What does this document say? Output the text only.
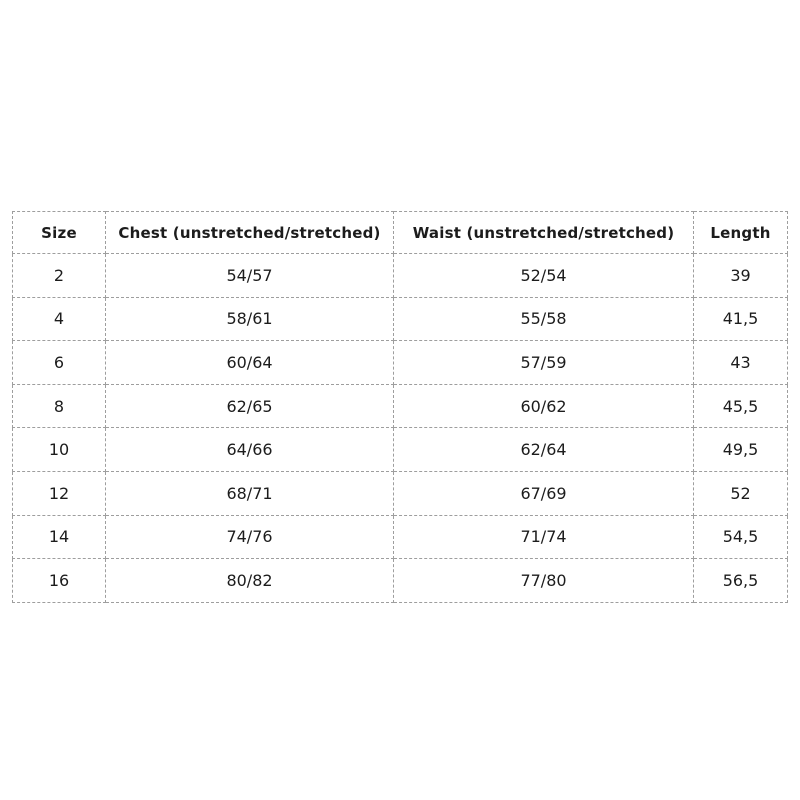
Size	Chest (unstretched/stretched)	Waist (unstretched/stretched)	Length
2	54/57	52/54	39
4	58/61	55/58	41,5
6	60/64	57/59	43
8	62/65	60/62	45,5
10	64/66	62/64	49,5
12	68/71	67/69	52
14	74/76	71/74	54,5
16	80/82	77/80	56,5
